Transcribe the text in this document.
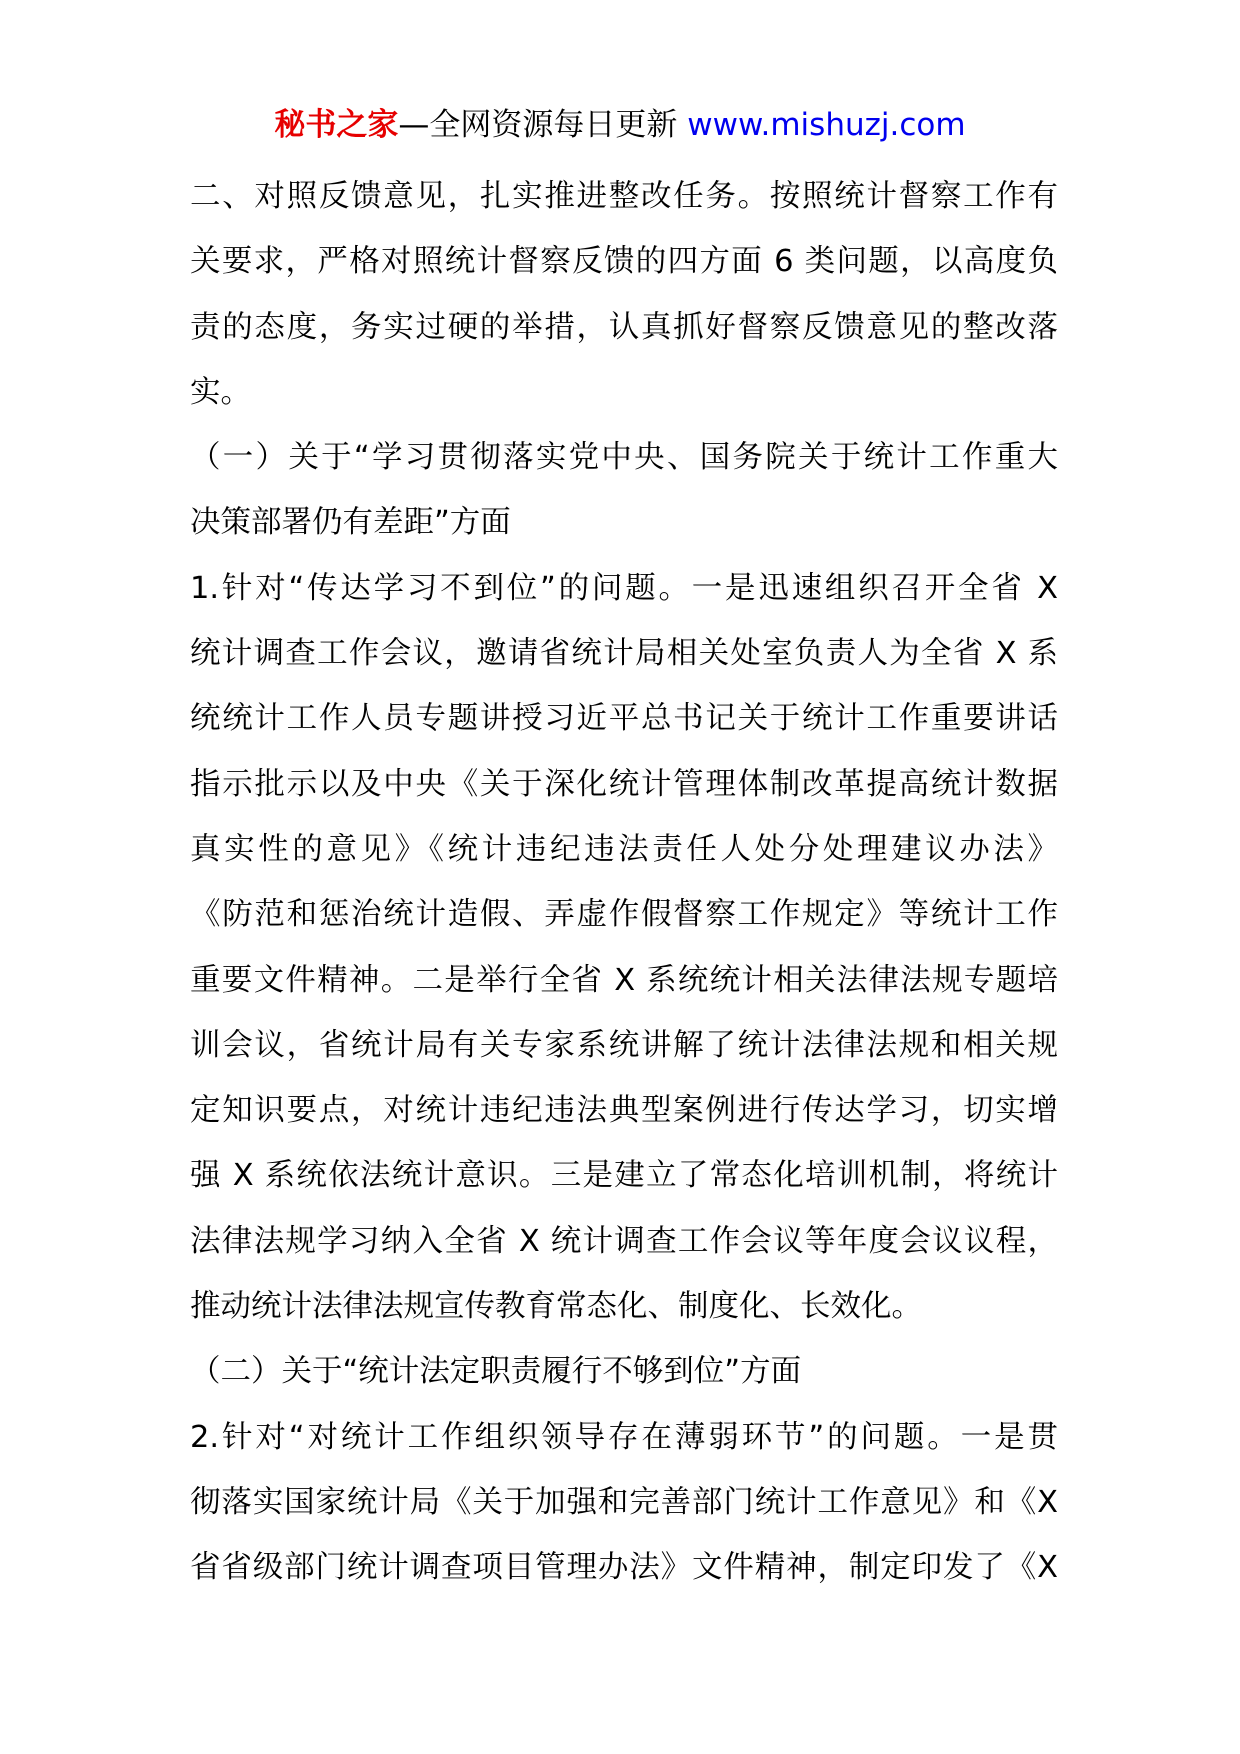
秘书之家—全网资源每日更新 www.mishuzj.com
二、对照反馈意见，扎实推进整改任务。按照统计督察工作有
关要求，严格对照统计督察反馈的四方面 6 类问题，以高度负
责的态度，务实过硬的举措，认真抓好督察反馈意见的整改落
实。
（一）关于“学习贯彻落实党中央、国务院关于统计工作重大
决策部署仍有差距”方面
1.针对“传达学习不到位”的问题。一是迅速组织召开全省 X
统计调查工作会议，邀请省统计局相关处室负责人为全省 X 系
统统计工作人员专题讲授习近平总书记关于统计工作重要讲话
指示批示以及中央《关于深化统计管理体制改革提高统计数据
真实性的意见》《统计违纪违法责任人处分处理建议办法》
《防范和惩治统计造假、弄虚作假督察工作规定》等统计工作
重要文件精神。二是举行全省 X 系统统计相关法律法规专题培
训会议，省统计局有关专家系统讲解了统计法律法规和相关规
定知识要点，对统计违纪违法典型案例进行传达学习，切实增
强 X 系统依法统计意识。三是建立了常态化培训机制，将统计
法律法规学习纳入全省 X 统计调查工作会议等年度会议议程，
推动统计法律法规宣传教育常态化、制度化、长效化。
（二）关于“统计法定职责履行不够到位”方面
2.针对“对统计工作组织领导存在薄弱环节”的问题。一是贯
彻落实国家统计局《关于加强和完善部门统计工作意见》和《X
省省级部门统计调查项目管理办法》文件精神，制定印发了《X
